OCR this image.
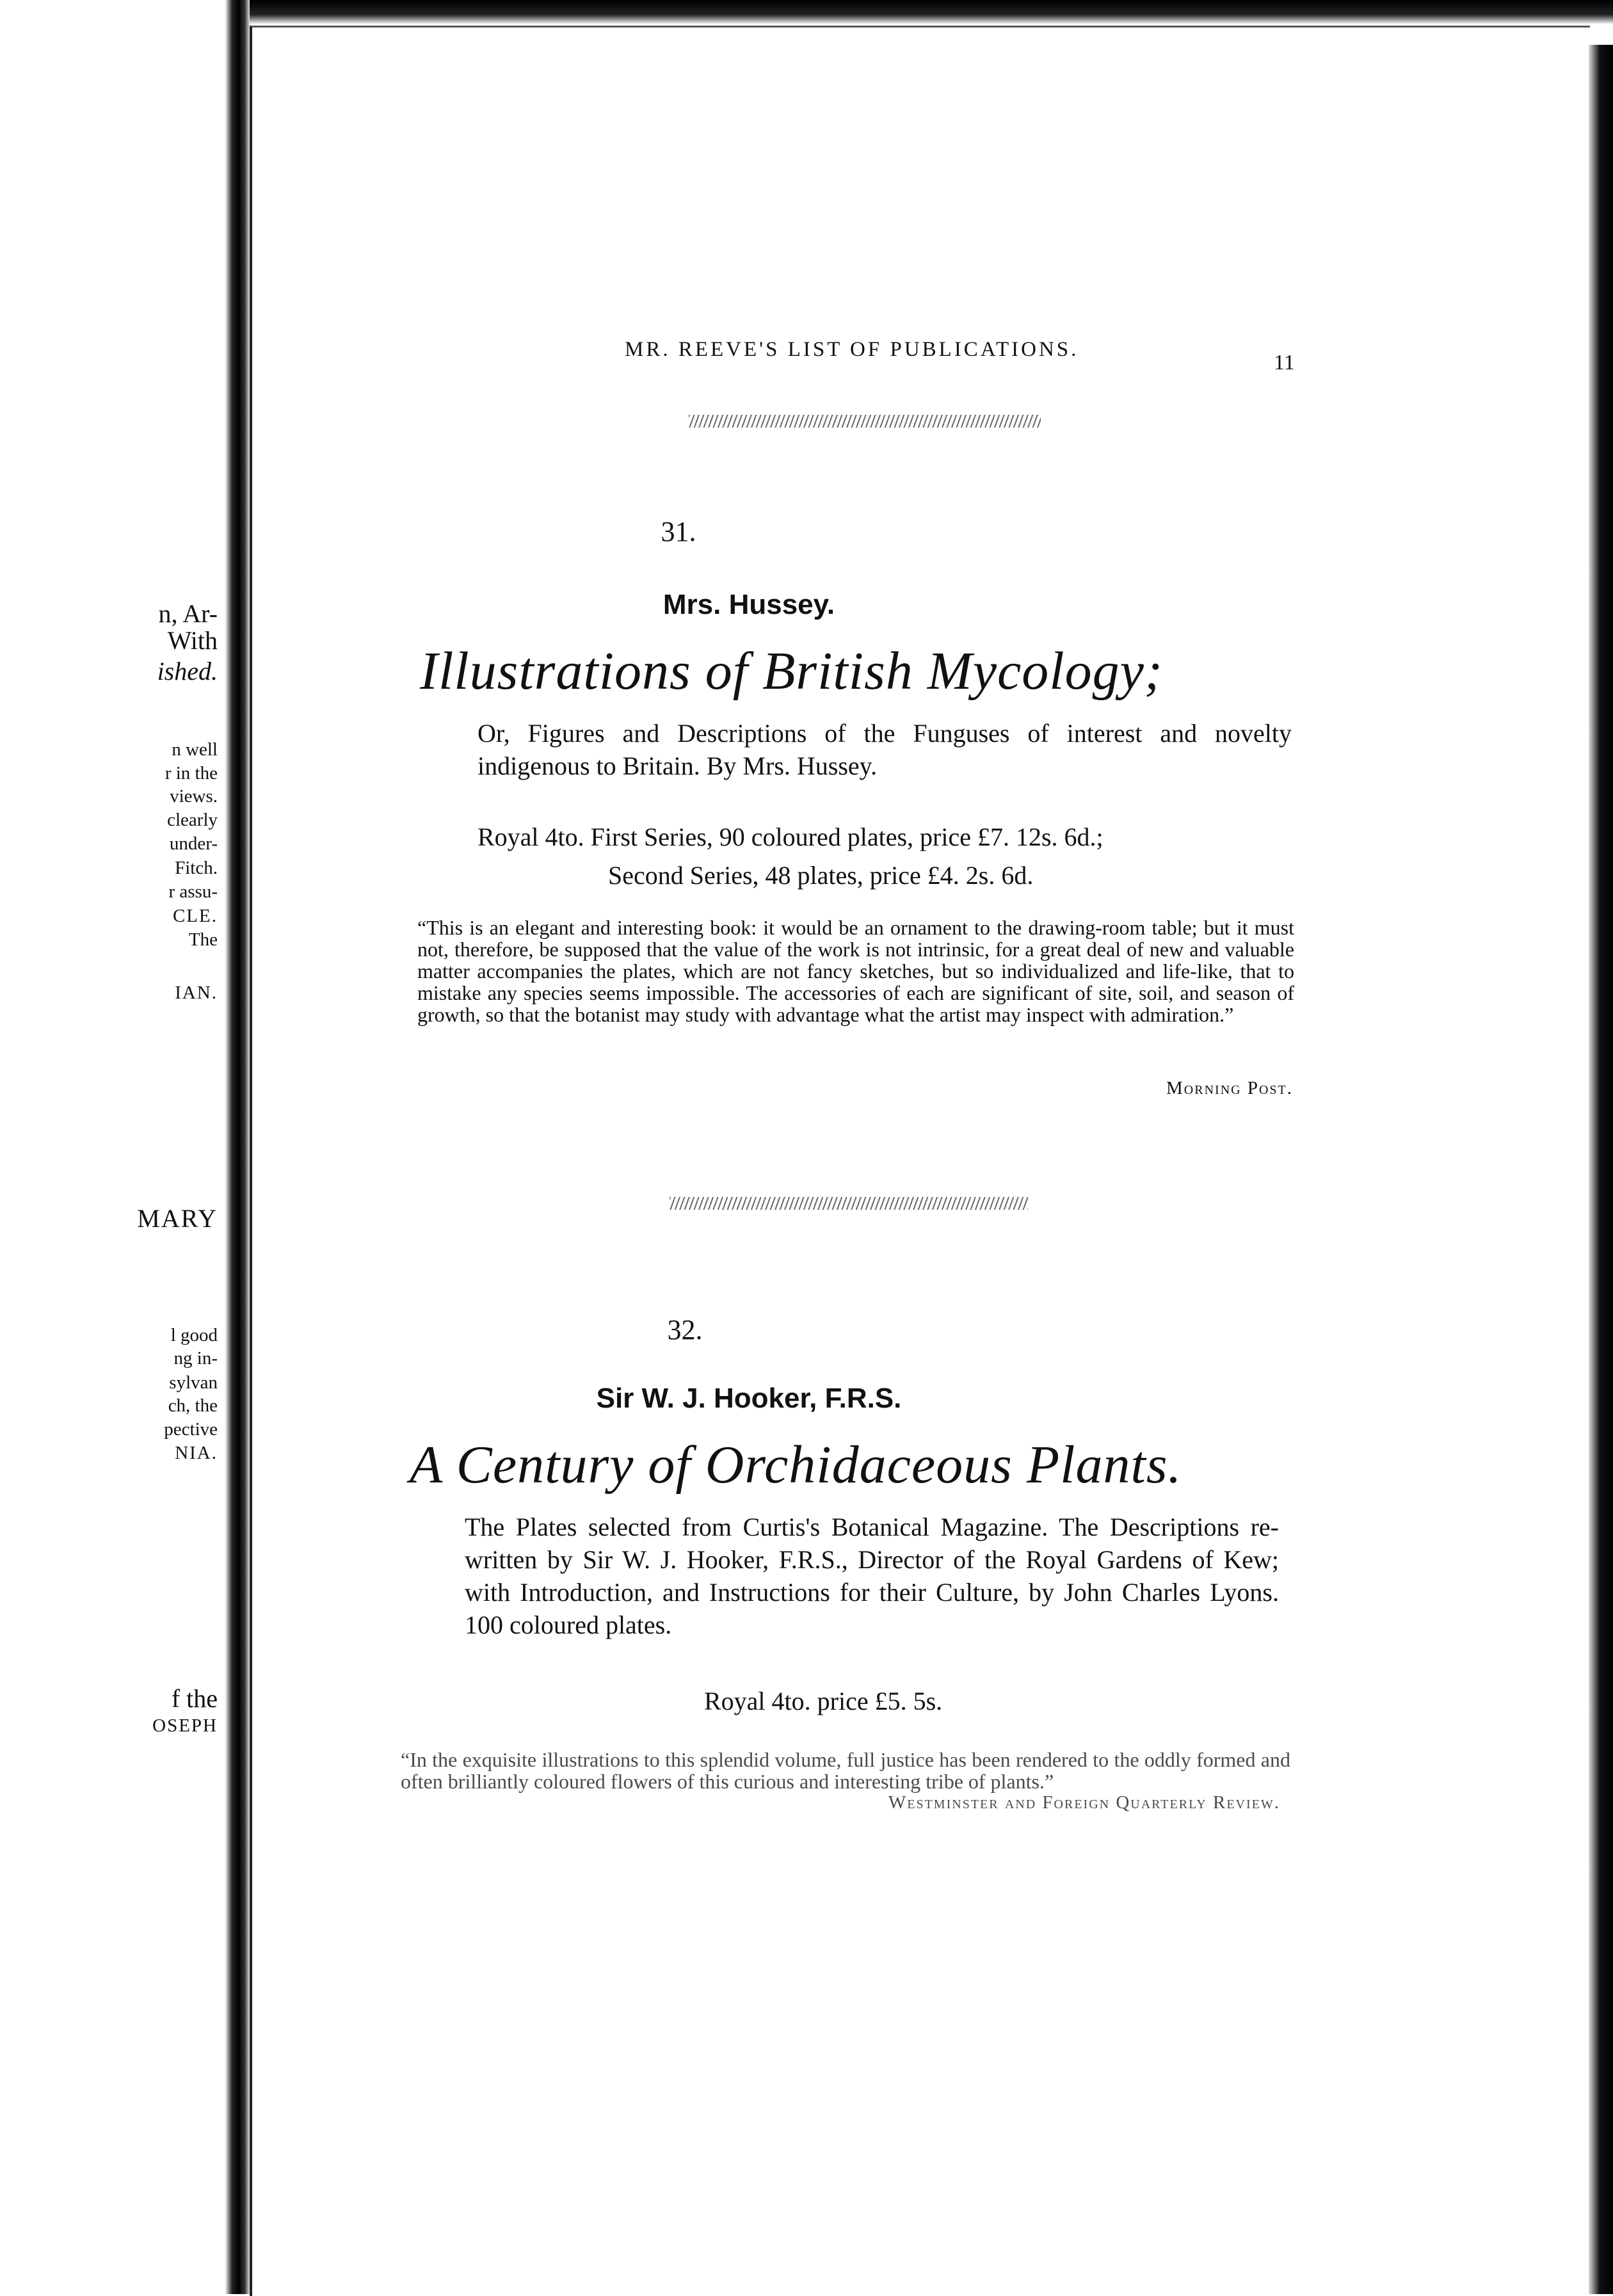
n, Ar-
With
ished.
n well
r in the
views.
clearly
under-
Fitch.
r assu-
CLE.
The
IAN.
MARY
l good
ng in-
sylvan
ch, the
pective
NIA.
f the
OSEPH
MR. REEVE'S LIST OF PUBLICATIONS.
11
31.
Mrs. Hussey.
Illustrations of British Mycology;
Or, Figures and Descriptions of the Funguses of interest and novelty indigenous to Britain. By Mrs. Hussey.
Royal 4to. First Series, 90 coloured plates, price £7. 12s. 6d.;
Second Series, 48 plates, price £4. 2s. 6d.
“This is an elegant and interesting book: it would be an ornament to the drawing-room table; but it must not, therefore, be supposed that the value of the work is not intrinsic, for a great deal of new and valuable matter accompanies the plates, which are not fancy sketches, but so individualized and life-like, that to mistake any species seems impossible. The accessories of each are significant of site, soil, and season of growth, so that the botanist may study with advantage what the artist may inspect with admiration.”
Morning Post.
32.
Sir W. J. Hooker, F.R.S.
A Century of Orchidaceous Plants.
The Plates selected from Curtis's Botanical Magazine. The Descriptions re-written by Sir W. J. Hooker, F.R.S., Director of the Royal Gardens of Kew; with Introduction, and Instructions for their Culture, by John Charles Lyons. 100 coloured plates.
Royal 4to. price £5. 5s.
“In the exquisite illustrations to this splendid volume, full justice has been rendered to the oddly formed and often brilliantly coloured flowers of this curious and interesting tribe of plants.”
Westminster and Foreign Quarterly Review.
